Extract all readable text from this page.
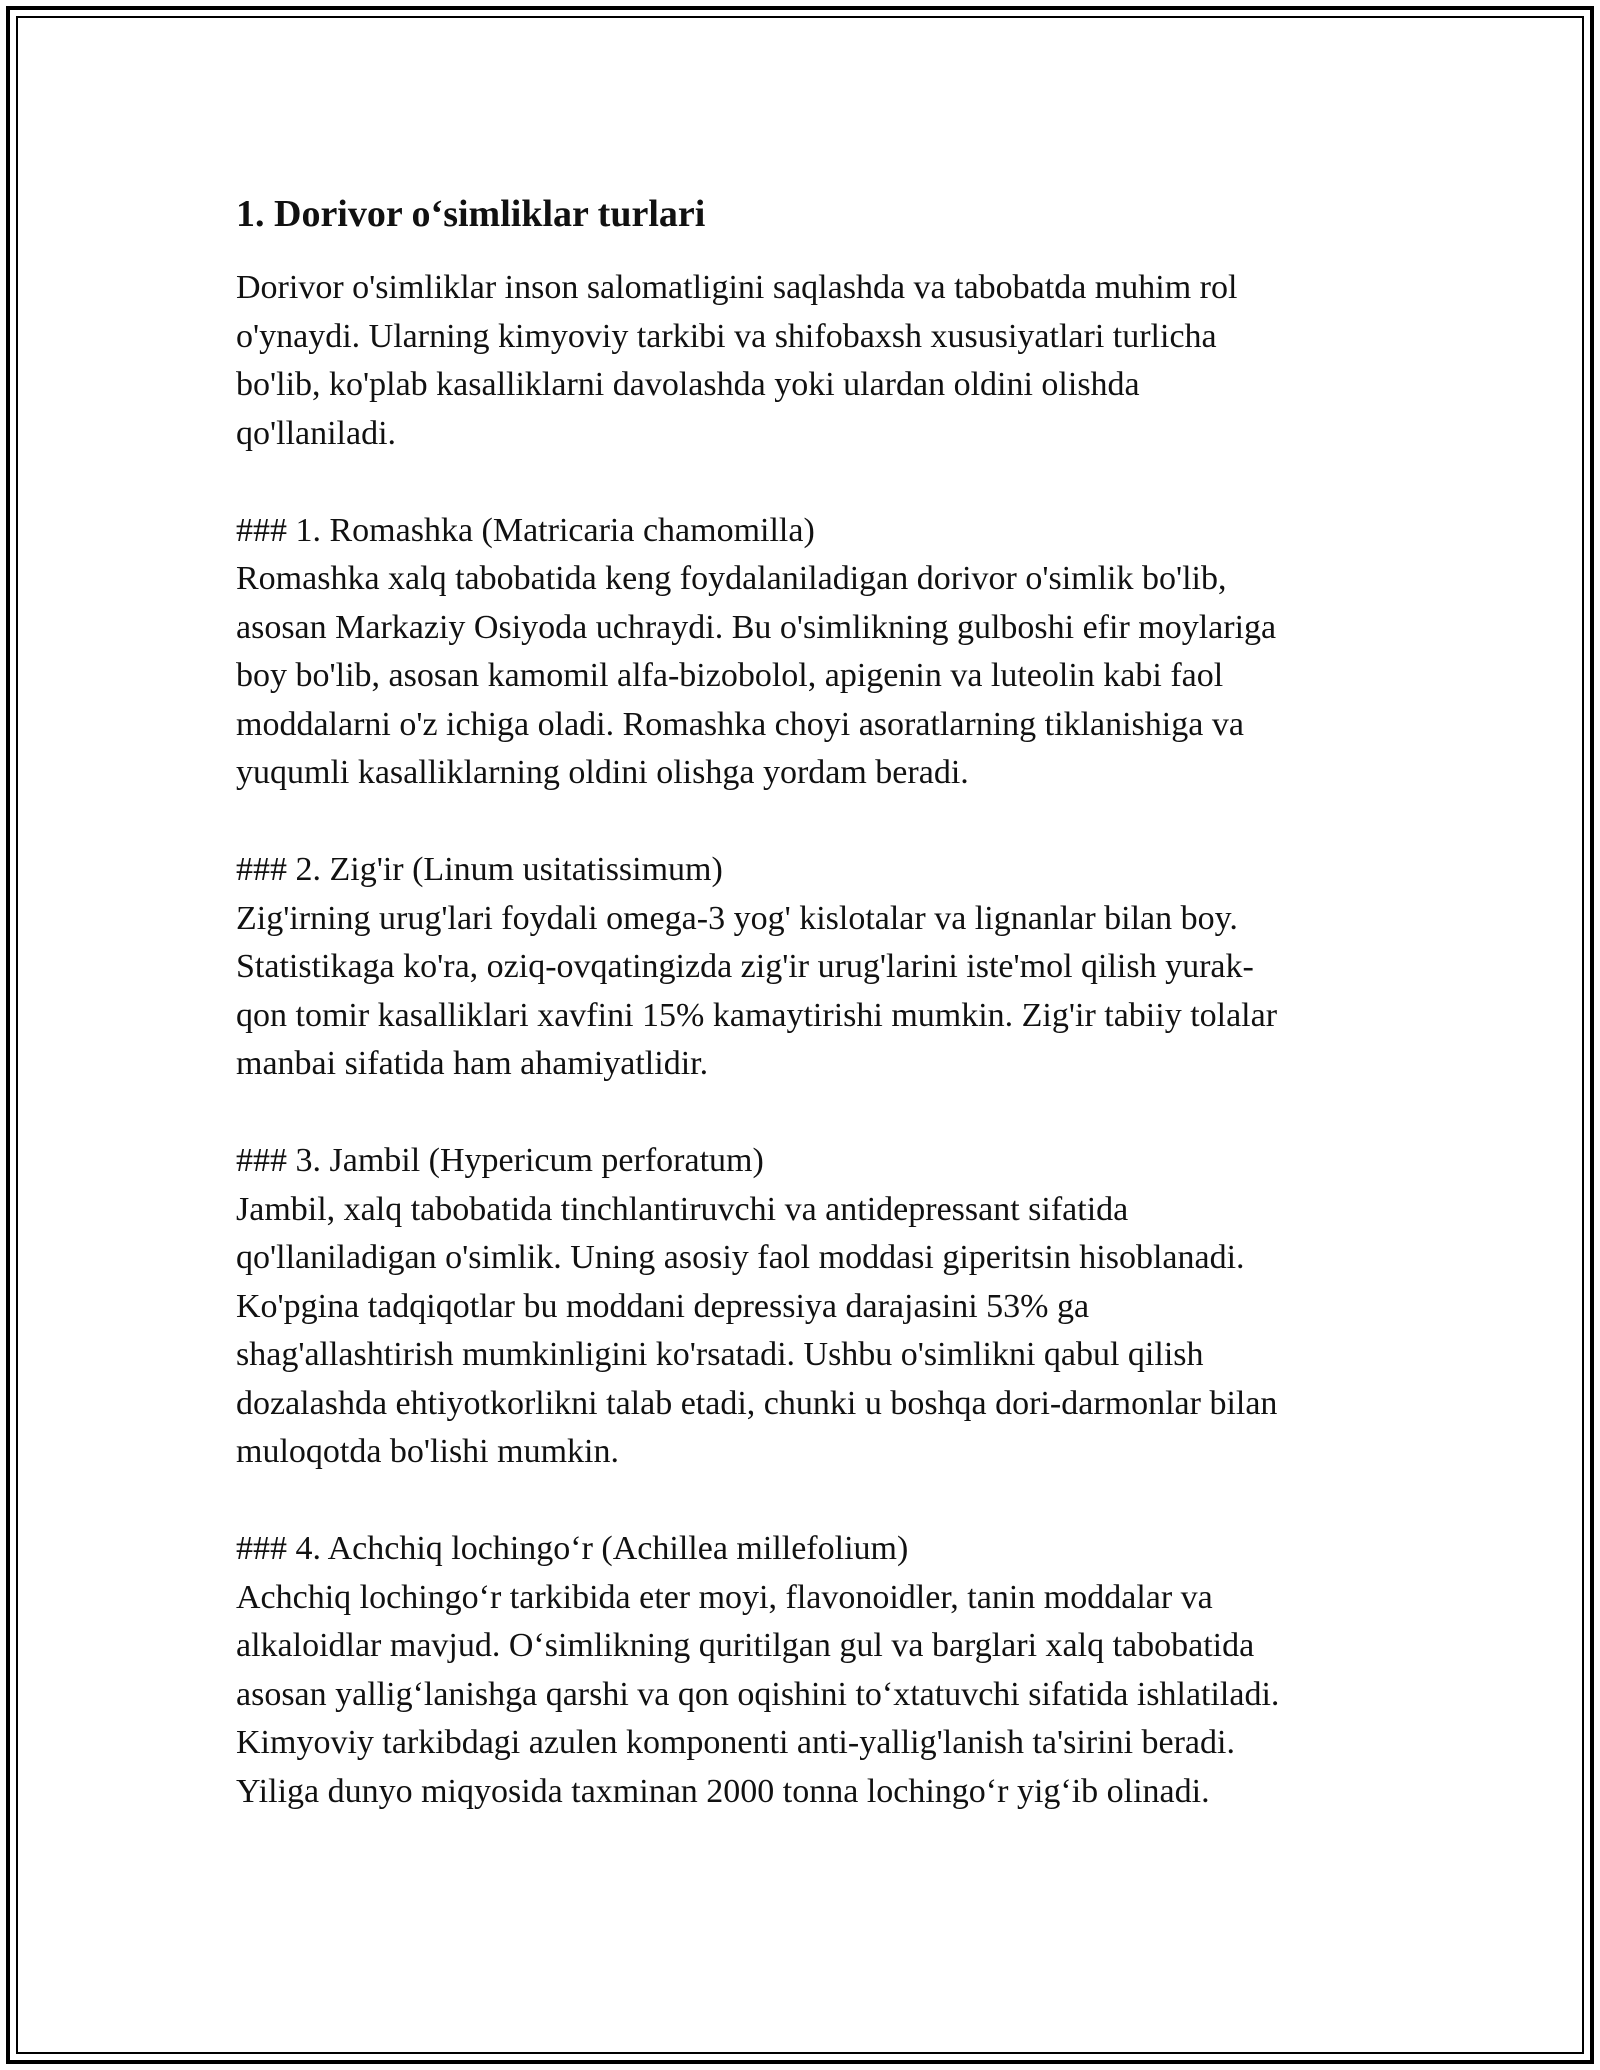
1. Dorivor o‘simliklar turlari
Dorivor o'simliklar inson salomatligini saqlashda va tabobatda muhim rol
o'ynaydi. Ularning kimyoviy tarkibi va shifobaxsh xususiyatlari turlicha
bo'lib, ko'plab kasalliklarni davolashda yoki ulardan oldini olishda
qo'llaniladi.
### 1. Romashka (Matricaria chamomilla)
Romashka xalq tabobatida keng foydalaniladigan dorivor o'simlik bo'lib,
asosan Markaziy Osiyoda uchraydi. Bu o'simlikning gulboshi efir moylariga
boy bo'lib, asosan kamomil alfa-bizobolol, apigenin va luteolin kabi faol
moddalarni o'z ichiga oladi. Romashka choyi asoratlarning tiklanishiga va
yuqumli kasalliklarning oldini olishga yordam beradi.
### 2. Zig'ir (Linum usitatissimum)
Zig'irning urug'lari foydali omega-3 yog' kislotalar va lignanlar bilan boy.
Statistikaga ko'ra, oziq-ovqatingizda zig'ir urug'larini iste'mol qilish yurak-
qon tomir kasalliklari xavfini 15% kamaytirishi mumkin. Zig'ir tabiiy tolalar
manbai sifatida ham ahamiyatlidir.
### 3. Jambil (Hypericum perforatum)
Jambil, xalq tabobatida tinchlantiruvchi va antidepressant sifatida
qo'llaniladigan o'simlik. Uning asosiy faol moddasi giperitsin hisoblanadi.
Ko'pgina tadqiqotlar bu moddani depressiya darajasini 53% ga
shag'allashtirish mumkinligini ko'rsatadi. Ushbu o'simlikni qabul qilish
dozalashda ehtiyotkorlikni talab etadi, chunki u boshqa dori-darmonlar bilan
muloqotda bo'lishi mumkin.
### 4. Achchiq lochingo‘r (Achillea millefolium)
Achchiq lochingo‘r tarkibida eter moyi, flavonoidler, tanin moddalar va
alkaloidlar mavjud. O‘simlikning quritilgan gul va barglari xalq tabobatida
asosan yallig‘lanishga qarshi va qon oqishini to‘xtatuvchi sifatida ishlatiladi.
Kimyoviy tarkibdagi azulen komponenti anti-yallig'lanish ta'sirini beradi.
Yiliga dunyo miqyosida taxminan 2000 tonna lochingo‘r yig‘ib olinadi.
